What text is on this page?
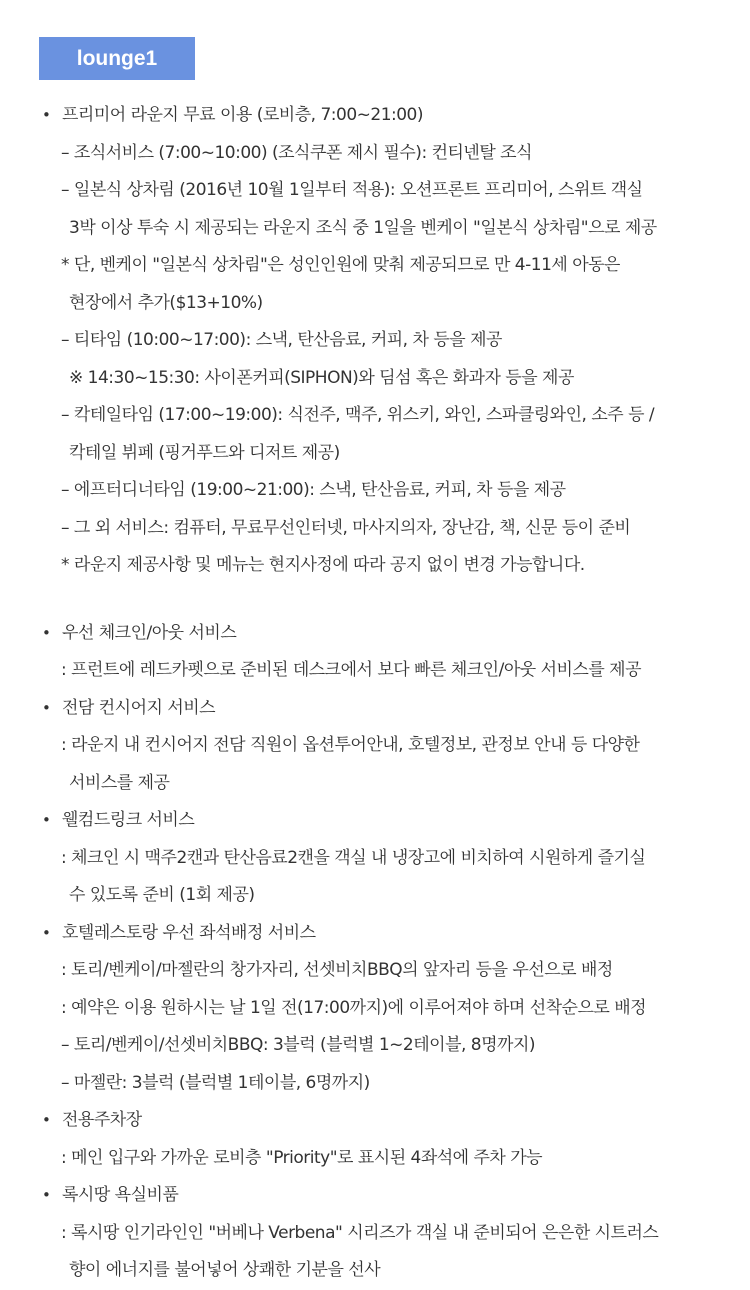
lounge1
• 프리미어 라운지 무료 이용 (로비층, 7:00~21:00)
– 조식서비스 (7:00~10:00) (조식쿠폰 제시 필수): 컨티넨탈 조식
– 일본식 상차림 (2016년 10월 1일부터 적용): 오션프론트 프리미어, 스위트 객실
3박 이상 투숙 시 제공되는 라운지 조식 중 1일을 벤케이 "일본식 상차림"으로 제공
* 단, 벤케이 "일본식 상차림"은 성인인원에 맞춰 제공되므로 만 4-11세 아동은
현장에서 추가($13+10%)
– 티타임 (10:00~17:00): 스낵, 탄산음료, 커피, 차 등을 제공
※ 14:30~15:30: 사이폰커피(SIPHON)와 딤섬 혹은 화과자 등을 제공
– 칵테일타임 (17:00~19:00): 식전주, 맥주, 위스키, 와인, 스파클링와인, 소주 등 /
칵테일 뷔페 (핑거푸드와 디저트 제공)
– 에프터디너타임 (19:00~21:00): 스낵, 탄산음료, 커피, 차 등을 제공
– 그 외 서비스: 컴퓨터, 무료무선인터넷, 마사지의자, 장난감, 책, 신문 등이 준비
* 라운지 제공사항 및 메뉴는 현지사정에 따라 공지 없이 변경 가능합니다.
• 우선 체크인/아웃 서비스
: 프런트에 레드카펫으로 준비된 데스크에서 보다 빠른 체크인/아웃 서비스를 제공
• 전담 컨시어지 서비스
: 라운지 내 컨시어지 전담 직원이 옵션투어안내, 호텔정보, 관정보 안내 등 다양한
서비스를 제공
• 웰컴드링크 서비스
: 체크인 시 맥주2캔과 탄산음료2캔을 객실 내 냉장고에 비치하여 시원하게 즐기실
수 있도록 준비 (1회 제공)
• 호텔레스토랑 우선 좌석배정 서비스
: 토리/벤케이/마젤란의 창가자리, 선셋비치BBQ의 앞자리 등을 우선으로 배정
: 예약은 이용 원하시는 날 1일 전(17:00까지)에 이루어져야 하며 선착순으로 배정
– 토리/벤케이/선셋비치BBQ: 3블럭 (블럭별 1~2테이블, 8명까지)
– 마젤란: 3블럭 (블럭별 1테이블, 6명까지)
• 전용주차장
: 메인 입구와 가까운 로비층 "Priority"로 표시된 4좌석에 주차 가능
• 록시땅 욕실비품
: 록시땅 인기라인인 "버베나 Verbena" 시리즈가 객실 내 준비되어 은은한 시트러스
향이 에너지를 불어넣어 상쾌한 기분을 선사
